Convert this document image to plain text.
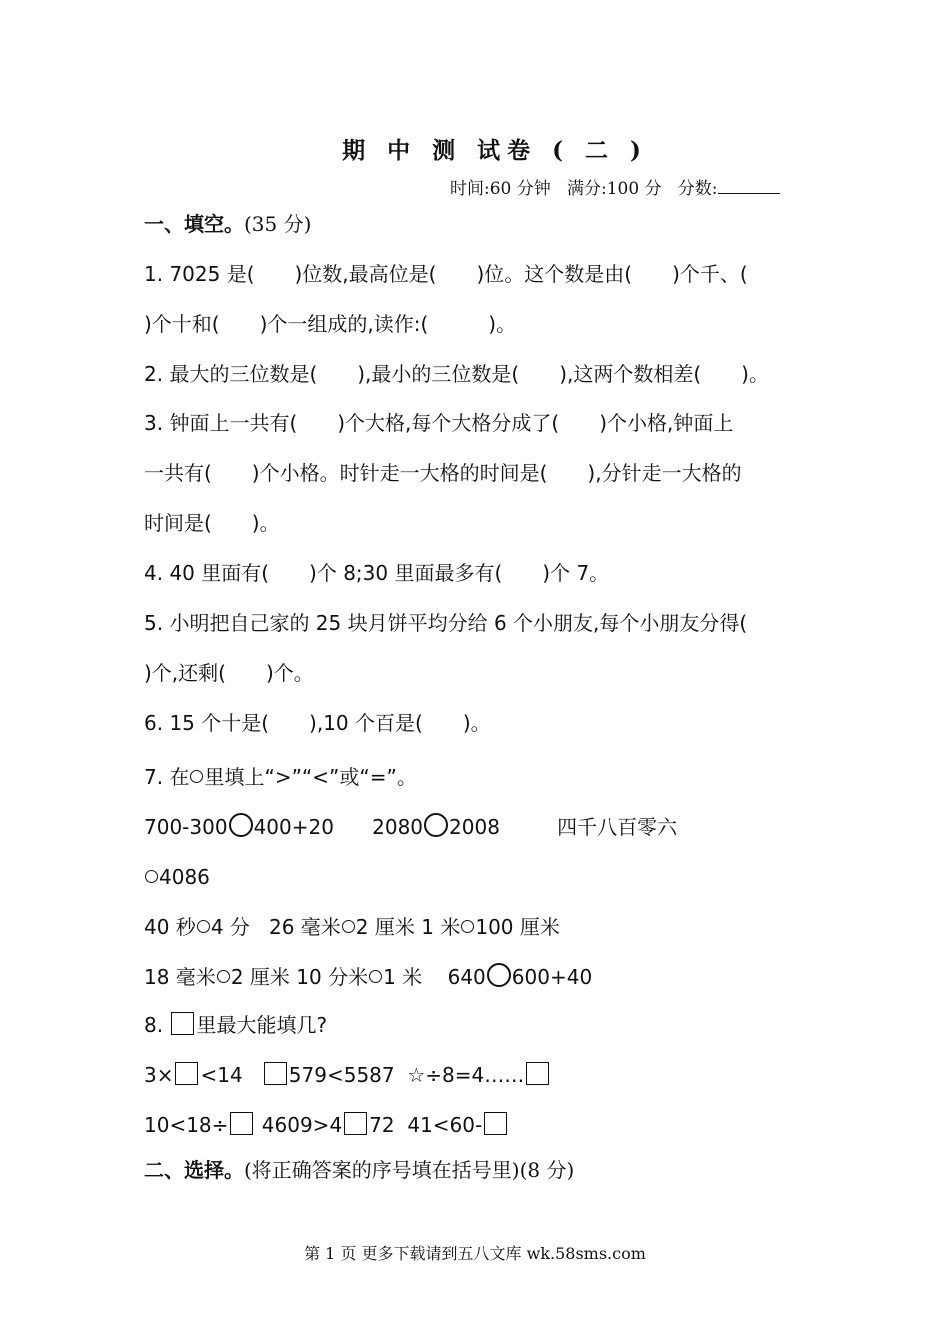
期 中 测 试卷 ( 二 )
时间:60 分钟 满分:100 分 分数:
一、填空。(35 分)
1. 7025 是(　　)位数,最高位是(　　)位。这个数是由(　　)个千、(
)个十和(　　)个一组成的,读作:(　　　)。
2. 最大的三位数是(　　),最小的三位数是(　　),这两个数相差(　　)。
3. 钟面上一共有(　　)个大格,每个大格分成了(　　)个小格,钟面上
一共有(　　)个小格。时针走一大格的时间是(　　),分针走一大格的
时间是(　　)。
4. 40 里面有(　　)个 8;30 里面最多有(　　)个 7。
5. 小明把自己家的 25 块月饼平均分给 6 个小朋友,每个小朋友分得(
)个,还剩(　　)个。
6. 15 个十是(　　),10 个百是(　　)。
7. 在 里填上“>”“<”或“=”。
700-300 400+20 2080 2008	四千八百零六
4086
40 秒 4 分 26 毫米 2 厘米 1 米 100 厘米
18 毫米 2 厘米 10 分米 1 米 640 600+40
8. 里最大能填几?
3× <14 579<5587 ☆÷8=4……
10<18÷ 4609>4 72 41<60-
二、选择。(将正确答案的序号填在括号里)(8 分)
第 1 页 更多下载请到五八文库 wk.58sms.com
